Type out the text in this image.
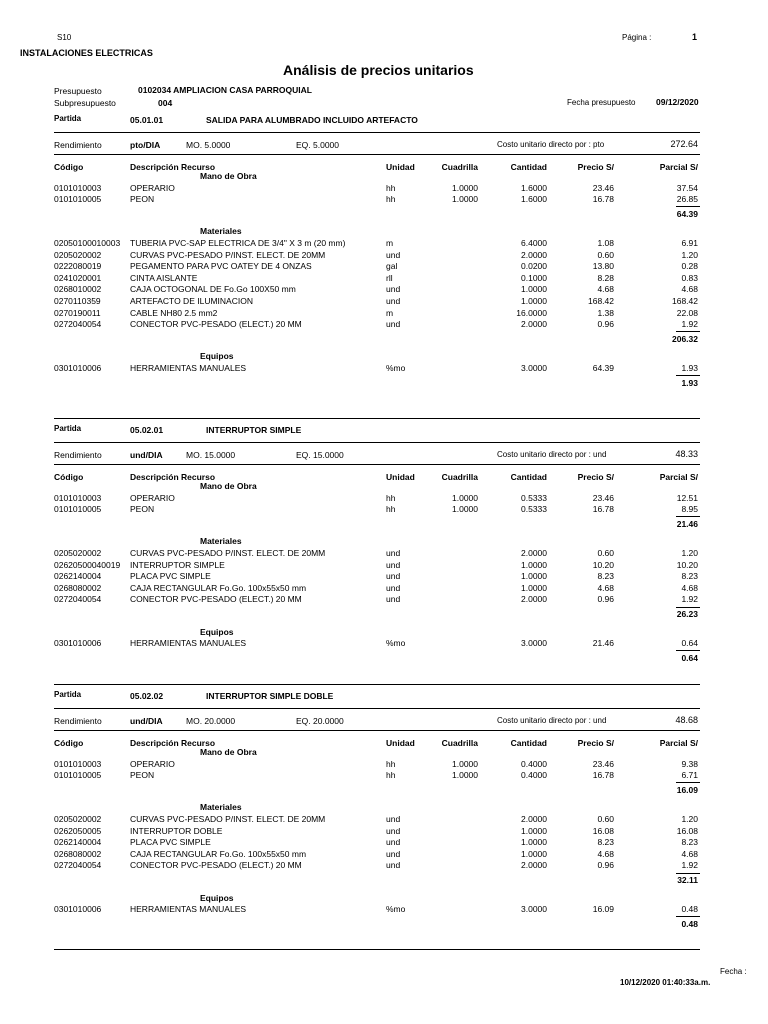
S10	Página :	1
INSTALACIONES ELECTRICAS
Análisis de precios unitarios
Presupuesto	0102034 AMPLIACION CASA PARROQUIAL
Subpresupuesto	004	Fecha presupuesto 09/12/2020
Partida	05.01.01	SALIDA PARA ALUMBRADO INCLUIDO ARTEFACTO
Rendimiento	pto/DIA	MO. 5.0000	EQ. 5.0000	Costo unitario directo por : pto	272.64
Código	Descripción Recurso	Unidad	Cuadrilla	Cantidad	Precio S/	Parcial S/
Mano de Obra
0101010003	OPERARIO	hh	1.0000	1.6000	23.46	37.54
0101010005	PEON	hh	1.0000	1.6000	16.78	26.85
64.39
Materiales
02050100010003 TUBERIA PVC-SAP ELECTRICA DE 3/4" X 3 m (20 mm)	m	6.4000	1.08	6.91
0205020002	CURVAS PVC-PESADO P/INST. ELECT. DE 20MM	und	2.0000	0.60	1.20
0222080019	PEGAMENTO PARA PVC OATEY DE 4 ONZAS	gal	0.0200	13.80	0.28
0241020001	CINTA AISLANTE	rll	0.1000	8.28	0.83
0268010002	CAJA OCTOGONAL DE Fo.Go 100X50 mm	und	1.0000	4.68	4.68
0270110359	ARTEFACTO DE ILUMINACION	und	1.0000	168.42	168.42
0270190011	CABLE NH80 2.5 mm2	m	16.0000	1.38	22.08
0272040054	CONECTOR PVC-PESADO (ELECT.) 20 MM	und	2.0000	0.96	1.92
206.32
Equipos
0301010006	HERRAMIENTAS MANUALES	%mo	3.0000	64.39	1.93
1.93
Partida	05.02.01	INTERRUPTOR SIMPLE
Rendimiento	und/DIA	MO. 15.0000	EQ. 15.0000	Costo unitario directo por : und	48.33
Código	Descripción Recurso	Unidad	Cuadrilla	Cantidad	Precio S/	Parcial S/
Mano de Obra
0101010003	OPERARIO	hh	1.0000	0.5333	23.46	12.51
0101010005	PEON	hh	1.0000	0.5333	16.78	8.95
21.46
Materiales
0205020002	CURVAS PVC-PESADO P/INST. ELECT. DE 20MM	und	2.0000	0.60	1.20
02620500040019 INTERRUPTOR SIMPLE	und	1.0000	10.20	10.20
0262140004	PLACA PVC SIMPLE	und	1.0000	8.23	8.23
0268080002	CAJA RECTANGULAR Fo.Go. 100x55x50 mm	und	1.0000	4.68	4.68
0272040054	CONECTOR PVC-PESADO (ELECT.) 20 MM	und	2.0000	0.96	1.92
26.23
Equipos
0301010006	HERRAMIENTAS MANUALES	%mo	3.0000	21.46	0.64
0.64
Partida	05.02.02	INTERRUPTOR SIMPLE DOBLE
Rendimiento	und/DIA	MO. 20.0000	EQ. 20.0000	Costo unitario directo por : und	48.68
Código	Descripción Recurso	Unidad	Cuadrilla	Cantidad	Precio S/	Parcial S/
Mano de Obra
0101010003	OPERARIO	hh	1.0000	0.4000	23.46	9.38
0101010005	PEON	hh	1.0000	0.4000	16.78	6.71
16.09
Materiales
0205020002	CURVAS PVC-PESADO P/INST. ELECT. DE 20MM	und	2.0000	0.60	1.20
0262050005	INTERRUPTOR DOBLE	und	1.0000	16.08	16.08
0262140004	PLACA PVC SIMPLE	und	1.0000	8.23	8.23
0268080002	CAJA RECTANGULAR Fo.Go. 100x55x50 mm	und	1.0000	4.68	4.68
0272040054	CONECTOR PVC-PESADO (ELECT.) 20 MM	und	2.0000	0.96	1.92
32.11
Equipos
0301010006	HERRAMIENTAS MANUALES	%mo	3.0000	16.09	0.48
0.48
Fecha :
10/12/2020 01:40:33a.m.
